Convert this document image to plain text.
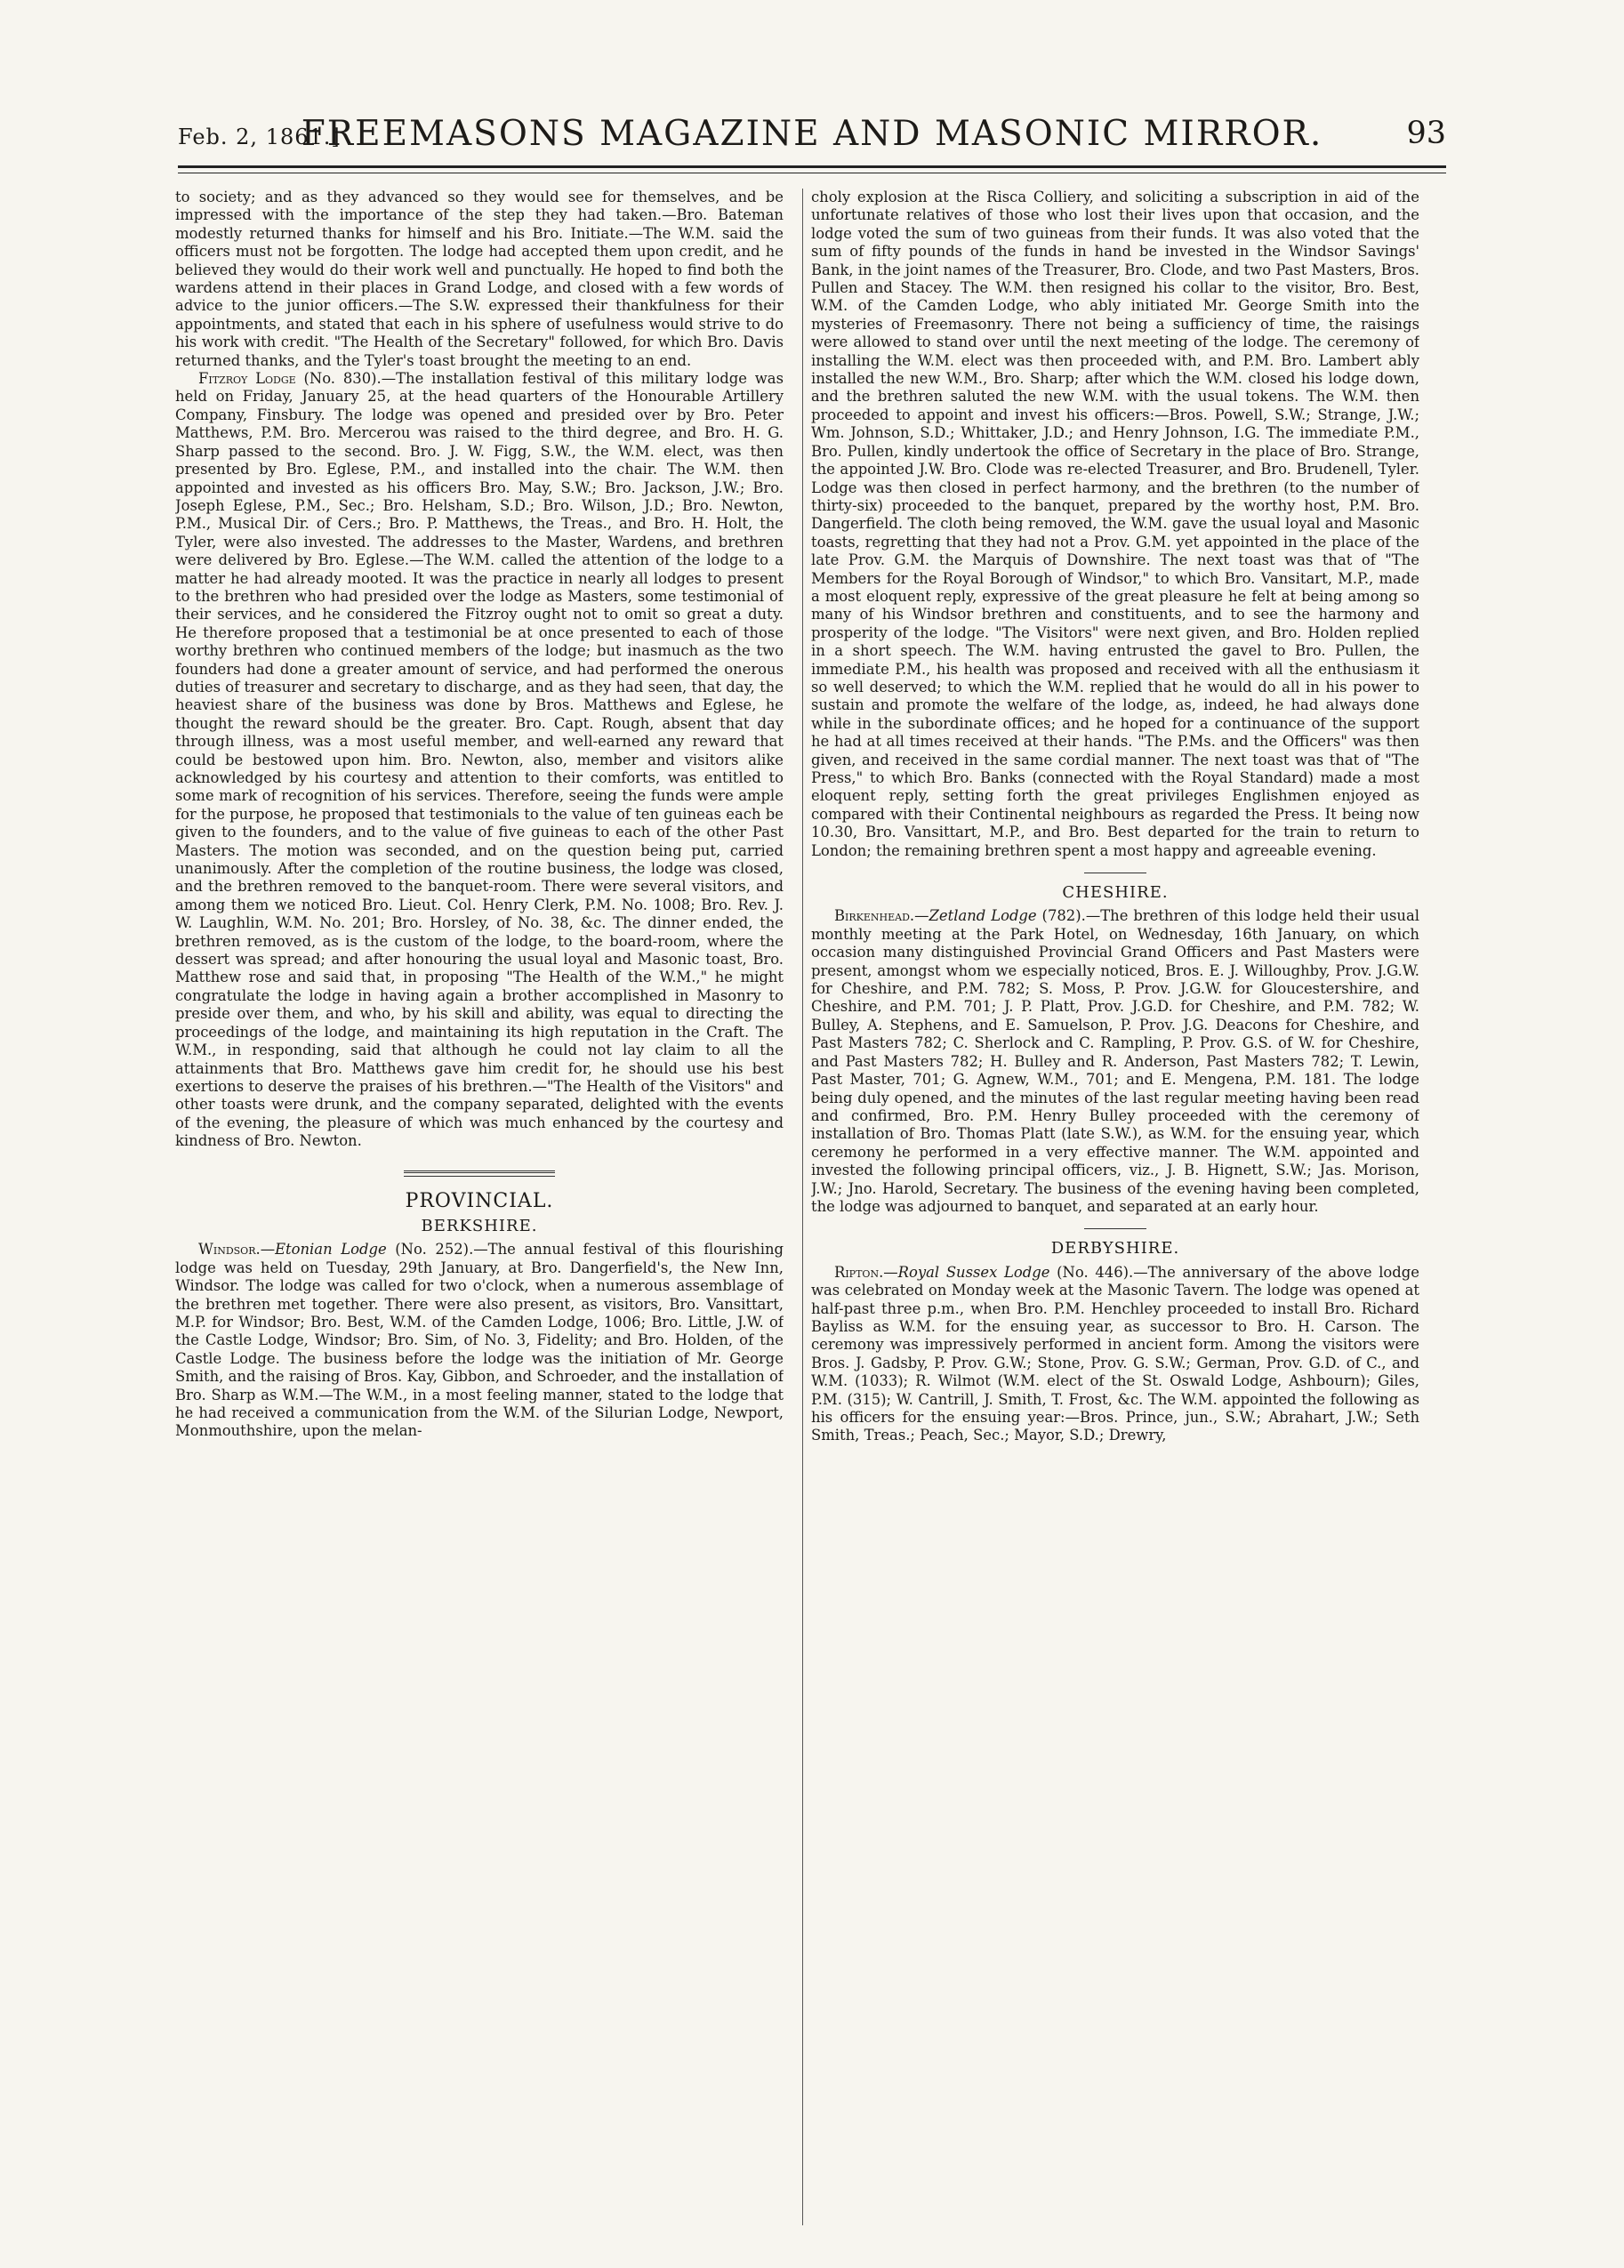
Feb. 2, 1861.]
FREEMASONS MAGAZINE AND MASONIC MIRROR.	93

to society; and as they advanced so they would see for themselves, and be impressed with the importance of the step they had taken.—Bro. Bateman modestly returned thanks for himself and his Bro. Initiate.—The W.M. said the officers must not be forgotten. The lodge had accepted them upon credit, and he believed they would do their work well and punctually. He hoped to find both the wardens attend in their places in Grand Lodge, and closed with a few words of advice to the junior officers.—The S.W. expressed their thankfulness for their appointments, and stated that each in his sphere of usefulness would strive to do his work with credit. "The Health of the Secretary" followed, for which Bro. Davis returned thanks, and the Tyler's toast brought the meeting to an end.

Fitzroy Lodge (No. 830).—The installation festival of this military lodge was held on Friday, January 25, at the head quarters of the Honourable Artillery Company, Finsbury. The lodge was opened and presided over by Bro. Peter Matthews, P.M. Bro. Mercerou was raised to the third degree, and Bro. H. G. Sharp passed to the second. Bro. J. W. Figg, S.W., the W.M. elect, was then presented by Bro. Eglese, P.M., and installed into the chair. The W.M. then appointed and invested as his officers Bro. May, S.W.; Bro. Jackson, J.W.; Bro. Joseph Eglese, P.M., Sec.; Bro. Helsham, S.D.; Bro. Wilson, J.D.; Bro. Newton, P.M., Musical Dir. of Cers.; Bro. P. Matthews, the Treas., and Bro. H. Holt, the Tyler, were also invested. The addresses to the Master, Wardens, and brethren were delivered by Bro. Eglese.—The W.M. called the attention of the lodge to a matter he had already mooted. It was the practice in nearly all lodges to present to the brethren who had presided over the lodge as Masters, some testimonial of their services, and he considered the Fitzroy ought not to omit so great a duty. He therefore proposed that a testimonial be at once presented to each of those worthy brethren who continued members of the lodge; but inasmuch as the two founders had done a greater amount of service, and had performed the onerous duties of treasurer and secretary to discharge, and as they had seen, that day, the heaviest share of the business was done by Bros. Matthews and Eglese, he thought the reward should be the greater. Bro. Capt. Rough, absent that day through illness, was a most useful member, and well-earned any reward that could be bestowed upon him. Bro. Newton, also, member and visitors alike acknowledged by his courtesy and attention to their comforts, was entitled to some mark of recognition of his services. Therefore, seeing the funds were ample for the purpose, he proposed that testimonials to the value of ten guineas each be given to the founders, and to the value of five guineas to each of the other Past Masters. The motion was seconded, and on the question being put, carried unanimously. After the completion of the routine business, the lodge was closed, and the brethren removed to the banquet-room. There were several visitors, and among them we noticed Bro. Lieut. Col. Henry Clerk, P.M. No. 1008; Bro. Rev. J. W. Laughlin, W.M. No. 201; Bro. Horsley, of No. 38, &c. The dinner ended, the brethren removed, as is the custom of the lodge, to the board-room, where the dessert was spread; and after honouring the usual loyal and Masonic toast, Bro. Matthew rose and said that, in proposing "The Health of the W.M.," he might congratulate the lodge in having again a brother accomplished in Masonry to preside over them, and who, by his skill and ability, was equal to directing the proceedings of the lodge, and maintaining its high reputation in the Craft. The W.M., in responding, said that although he could not lay claim to all the attainments that Bro. Matthews gave him credit for, he should use his best exertions to deserve the praises of his brethren.—"The Health of the Visitors" and other toasts were drunk, and the company separated, delighted with the events of the evening, the pleasure of which was much enhanced by the courtesy and kindness of Bro. Newton.

PROVINCIAL.
BERKSHIRE.

Windsor.—Etonian Lodge (No. 252).—The annual festival of this flourishing lodge was held on Tuesday, 29th January, at Bro. Dangerfield's, the New Inn, Windsor. The lodge was called for two o'clock, when a numerous assemblage of the brethren met together. There were also present, as visitors, Bro. Vansittart, M.P. for Windsor; Bro. Best, W.M. of the Camden Lodge, 1006; Bro. Little, J.W. of the Castle Lodge, Windsor; Bro. Sim, of No. 3, Fidelity; and Bro. Holden, of the Castle Lodge. The business before the lodge was the initiation of Mr. George Smith, and the raising of Bros. Kay, Gibbon, and Schroeder, and the installation of Bro. Sharp as W.M.—The W.M., in a most feeling manner, stated to the lodge that he had received a communication from the W.M. of the Silurian Lodge, Newport, Monmouthshire, upon the melan-

choly explosion at the Risca Colliery, and soliciting a subscription in aid of the unfortunate relatives of those who lost their lives upon that occasion, and the lodge voted the sum of two guineas from their funds. It was also voted that the sum of fifty pounds of the funds in hand be invested in the Windsor Savings' Bank, in the joint names of the Treasurer, Bro. Clode, and two Past Masters, Bros. Pullen and Stacey. The W.M. then resigned his collar to the visitor, Bro. Best, W.M. of the Camden Lodge, who ably initiated Mr. George Smith into the mysteries of Freemasonry. There not being a sufficiency of time, the raisings were allowed to stand over until the next meeting of the lodge. The ceremony of installing the W.M. elect was then proceeded with, and P.M. Bro. Lambert ably installed the new W.M., Bro. Sharp; after which the W.M. closed his lodge down, and the brethren saluted the new W.M. with the usual tokens. The W.M. then proceeded to appoint and invest his officers:—Bros. Powell, S.W.; Strange, J.W.; Wm. Johnson, S.D.; Whittaker, J.D.; and Henry Johnson, I.G. The immediate P.M., Bro. Pullen, kindly undertook the office of Secretary in the place of Bro. Strange, the appointed J.W. Bro. Clode was re-elected Treasurer, and Bro. Brudenell, Tyler. Lodge was then closed in perfect harmony, and the brethren (to the number of thirty-six) proceeded to the banquet, prepared by the worthy host, P.M. Bro. Dangerfield. The cloth being removed, the W.M. gave the usual loyal and Masonic toasts, regretting that they had not a Prov. G.M. yet appointed in the place of the late Prov. G.M. the Marquis of Downshire. The next toast was that of "The Members for the Royal Borough of Windsor," to which Bro. Vansitart, M.P., made a most eloquent reply, expressive of the great pleasure he felt at being among so many of his Windsor brethren and constituents, and to see the harmony and prosperity of the lodge. "The Visitors" were next given, and Bro. Holden replied in a short speech. The W.M. having entrusted the gavel to Bro. Pullen, the immediate P.M., his health was proposed and received with all the enthusiasm it so well deserved; to which the W.M. replied that he would do all in his power to sustain and promote the welfare of the lodge, as, indeed, he had always done while in the subordinate offices; and he hoped for a continuance of the support he had at all times received at their hands. "The P.Ms. and the Officers" was then given, and received in the same cordial manner. The next toast was that of "The Press," to which Bro. Banks (connected with the Royal Standard) made a most eloquent reply, setting forth the great privileges Englishmen enjoyed as compared with their Continental neighbours as regarded the Press. It being now 10.30, Bro. Vansittart, M.P., and Bro. Best departed for the train to return to London; the remaining brethren spent a most happy and agreeable evening.

CHESHIRE.

Birkenhead.—Zetland Lodge (782).—The brethren of this lodge held their usual monthly meeting at the Park Hotel, on Wednesday, 16th January, on which occasion many distinguished Provincial Grand Officers and Past Masters were present, amongst whom we especially noticed, Bros. E. J. Willoughby, Prov. J.G.W. for Cheshire, and P.M. 782; S. Moss, P. Prov. J.G.W. for Gloucestershire, and Cheshire, and P.M. 701; J. P. Platt, Prov. J.G.D. for Cheshire, and P.M. 782; W. Bulley, A. Stephens, and E. Samuelson, P. Prov. J.G. Deacons for Cheshire, and Past Masters 782; C. Sherlock and C. Rampling, P. Prov. G.S. of W. for Cheshire, and Past Masters 782; H. Bulley and R. Anderson, Past Masters 782; T. Lewin, Past Master, 701; G. Agnew, W.M., 701; and E. Mengena, P.M. 181. The lodge being duly opened, and the minutes of the last regular meeting having been read and confirmed, Bro. P.M. Henry Bulley proceeded with the ceremony of installation of Bro. Thomas Platt (late S.W.), as W.M. for the ensuing year, which ceremony he performed in a very effective manner. The W.M. appointed and invested the following principal officers, viz., J. B. Hignett, S.W.; Jas. Morison, J.W.; Jno. Harold, Secretary. The business of the evening having been completed, the lodge was adjourned to banquet, and separated at an early hour.

DERBYSHIRE.

Ripton.—Royal Sussex Lodge (No. 446).—The anniversary of the above lodge was celebrated on Monday week at the Masonic Tavern. The lodge was opened at half-past three p.m., when Bro. P.M. Henchley proceeded to install Bro. Richard Bayliss as W.M. for the ensuing year, as successor to Bro. H. Carson. The ceremony was impressively performed in ancient form. Among the visitors were Bros. J. Gadsby, P. Prov. G.W.; Stone, Prov. G. S.W.; German, Prov. G.D. of C., and W.M. (1033); R. Wilmot (W.M. elect of the St. Oswald Lodge, Ashbourn); Giles, P.M. (315); W. Cantrill, J. Smith, T. Frost, &c. The W.M. appointed the following as his officers for the ensuing year:—Bros. Prince, jun., S.W.; Abrahart, J.W.; Seth Smith, Treas.; Peach, Sec.; Mayor, S.D.; Drewry,
